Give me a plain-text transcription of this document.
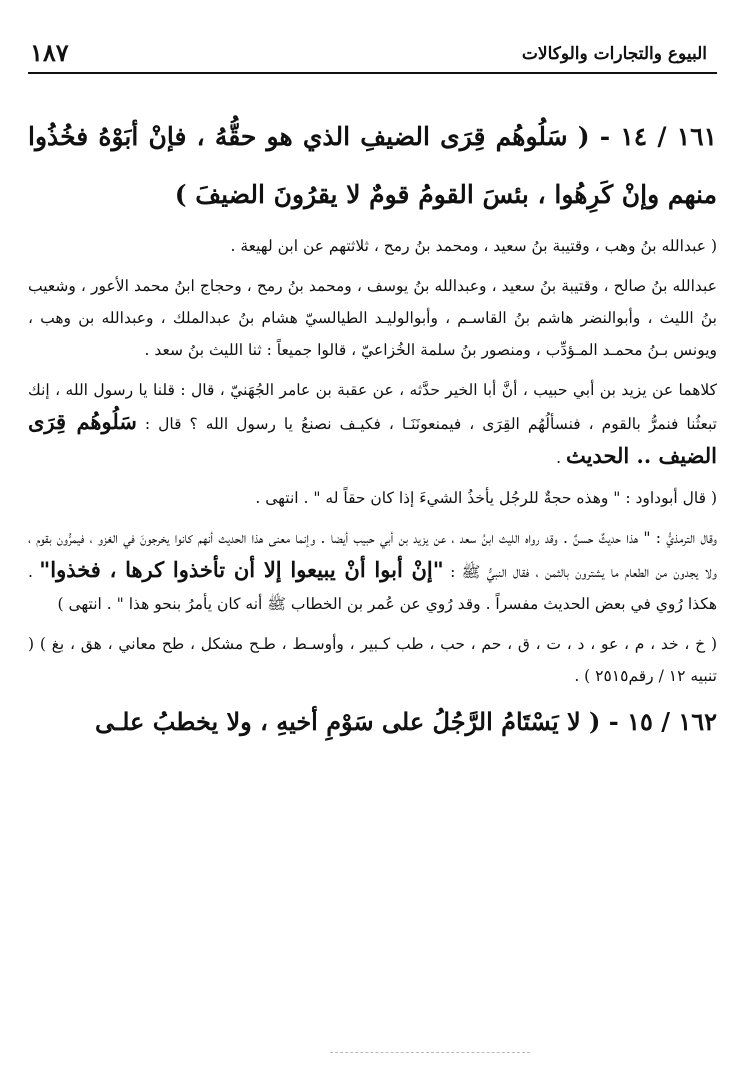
البيوع والتجارات والوكالات
١٨٧

١٦١ / ١٤ - ( سَلُوهُم قِرَى الضيفِ الذي هو حقُّهُ ، فإنْ أبَوْهُ فخُذُوا منهم وإنْ كَرِهُوا ، بئسَ القومُ قومٌ لا يقرُونَ الضيفَ )

( عبدالله بنُ وهب ، وقتيبة بنُ سعيد ، ومحمد بنُ رمح ، ثلاثتهم عن ابن لهيعة .

عبدالله بنُ صالح ، وقتيبة بنُ سعيد ، وعبدالله بنُ يوسف ، ومحمد بنُ رمح ، وحجاج ابنُ محمد الأعور ، وشعيب بنُ الليث ، وأبوالنضر هاشم بنُ القاسـم ، وأبوالوليـد الطيالسيّ هشام بنُ عبدالملك ، وعبدالله بن وهب ، ويونس بـنُ محمـد المـؤدِّب ، ومنصور بنُ سلمة الخُزاعيّ ، قالوا جميعاً : ثنا الليث بنُ سعد .

كلاهما عن يزيد بن أبي حبيب ، أنَّ أبا الخير حدَّثه ، عن عقبة بن عامر الجُهَنيّ ، قال : قلنا يا رسول الله ، إنك تبعثُنا فنمرُّ بالقوم ، فنسألُهُم القِرَى ، فيمنعونَنَـا ، فكيـف نصنعُ يا رسول الله ؟ قال : سَلُوهُم قِرَى الضيف .. الحديث .

( قال أبوداود : " وهذه حجةٌ للرجُل يأخذُ الشيءَ إذا كان حقاً له " . انتهى .

وقال الترمذيُّ : " هذا حديثٌ حسنٌ . وقد رواه الليث ابنُ سعد ، عن يزيد بن أبي حبيب أيضا . وإنما معنى هذا الحديث أنهم كانوا يخرجونَ في الغزو ، فيمرُّون بقوم ، ولا يجدون من الطعام ما يشترون بالثمن ، فقال النبيُّ ﷺ : "إنْ أبوا أنْ يبيعوا إلا أن تأخذوا كرها ، فخذوا" . هكذا رُوي في بعض الحديث مفسراً . وقد رُوي عن عُمر بن الخطاب ﷺ أنه كان يأمرُ بنحو هذا " . انتهى )

( خ ، خد ، م ، عو ، د ، ت ، ق ، حم ، حب ، طب كـبير ، وأوسـط ، طـح مشكل ، طح معاني ، هق ، بغ ) ( تنبيه ١٢ / رقم٢٥١٥ ) .

١٦٢ / ١٥ - ( لا يَسْتَامُ الرَّجُلُ على سَوْمِ أخيهِ ، ولا يخطبُ علـى
